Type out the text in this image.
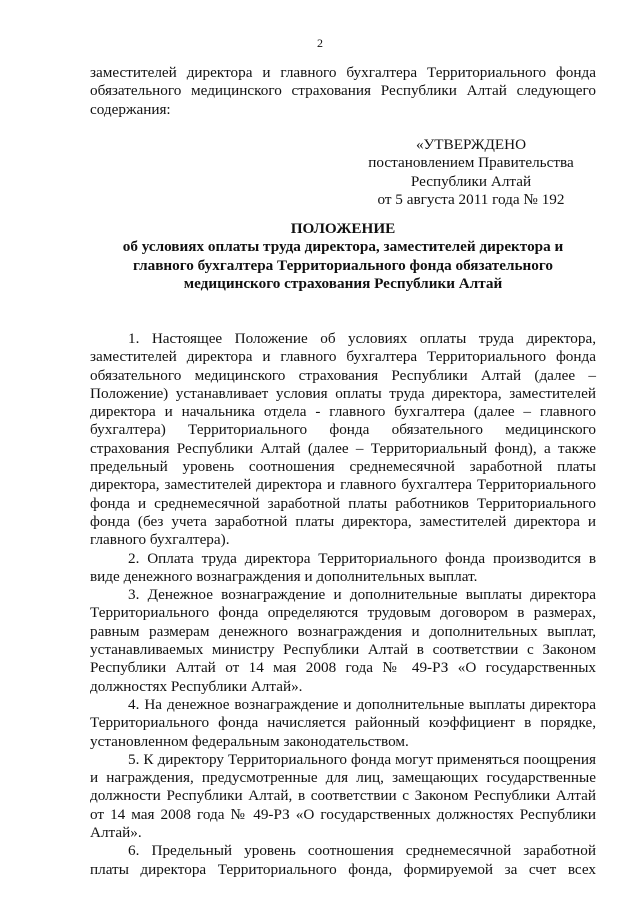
2

заместителей директора и главного бухгалтера Территориального фонда обязательного медицинского страхования Республики Алтай следующего содержания:

«УТВЕРЖДЕНО
постановлением Правительства
Республики Алтай
от 5 августа 2011 года № 192
ПОЛОЖЕНИЕ
об условиях оплаты труда директора, заместителей директора и
главного бухгалтера Территориального фонда обязательного
медицинского страхования Республики Алтай

1. Настоящее Положение об условиях оплаты труда директора, заместителей директора и главного бухгалтера Территориального фонда обязательного медицинского страхования Республики Алтай (далее – Положение) устанавливает условия оплаты труда директора, заместителей директора и начальника отдела - главного бухгалтера (далее – главного бухгалтера) Территориального фонда обязательного медицинского страхования Республики Алтай (далее – Территориальный фонд), а также предельный уровень соотношения среднемесячной заработной платы директора, заместителей директора и главного бухгалтера Территориального фонда и среднемесячной заработной платы работников Территориального фонда (без учета заработной платы директора, заместителей директора и главного бухгалтера).

2. Оплата труда директора Территориального фонда производится в виде денежного вознаграждения и дополнительных выплат.

3. Денежное вознаграждение и дополнительные выплаты директора Территориального фонда определяются трудовым договором в размерах, равным размерам денежного вознаграждения и дополнительных выплат, устанавливаемых министру Республики Алтай в соответствии с Законом Республики Алтай от 14 мая 2008 года № 49-РЗ «О государственных должностях Республики Алтай».

4. На денежное вознаграждение и дополнительные выплаты директора Территориального фонда начисляется районный коэффициент в порядке, установленном федеральным законодательством.

5. К директору Территориального фонда могут применяться поощрения и награждения, предусмотренные для лиц, замещающих государственные должности Республики Алтай, в соответствии с Законом Республики Алтай от 14 мая 2008 года № 49-РЗ «О государственных должностях Республики Алтай».

6. Предельный уровень соотношения среднемесячной заработной платы директора Территориального фонда, формируемой за счет всех
